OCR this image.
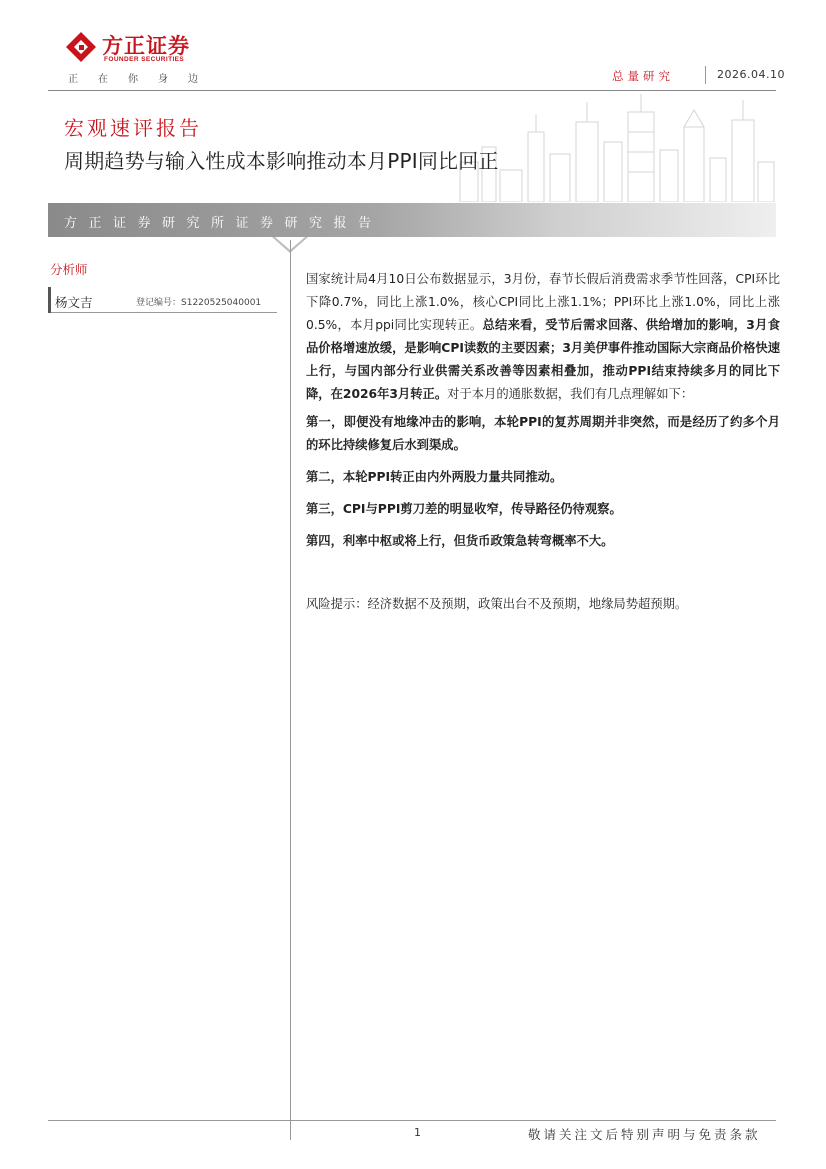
方正证券
FOUNDER SECURITIES
正在你身边	总量研究	2026.04.10
宏观速评报告
周期趋势与输入性成本影响推动本月PPI同比回正
方正证券研究所证券研究报告
分析师
杨文吉	登记编号：S1220525040001

国家统计局4月10日公布数据显示，3月份，春节长假后消费需求季节性回落，CPI环比下降0.7%，同比上涨1.0%，核心CPI同比上涨1.1%；PPI环比上涨1.0%，同比上涨0.5%，本月ppi同比实现转正。总结来看，受节后需求回落、供给增加的影响，3月食品价格增速放缓，是影响CPI读数的主要因素；3月美伊事件推动国际大宗商品价格快速上行，与国内部分行业供需关系改善等因素相叠加，推动PPI结束持续多月的同比下降，在2026年3月转正。对于本月的通胀数据，我们有几点理解如下：

第一，即便没有地缘冲击的影响，本轮PPI的复苏周期并非突然，而是经历了约多个月的环比持续修复后水到渠成。

第二，本轮PPI转正由内外两股力量共同推动。

第三，CPI与PPI剪刀差的明显收窄，传导路径仍待观察。

第四，利率中枢或将上行，但货币政策急转弯概率不大。

风险提示：经济数据不及预期，政策出台不及预期，地缘局势超预期。

1	敬请关注文后特别声明与免责条款
